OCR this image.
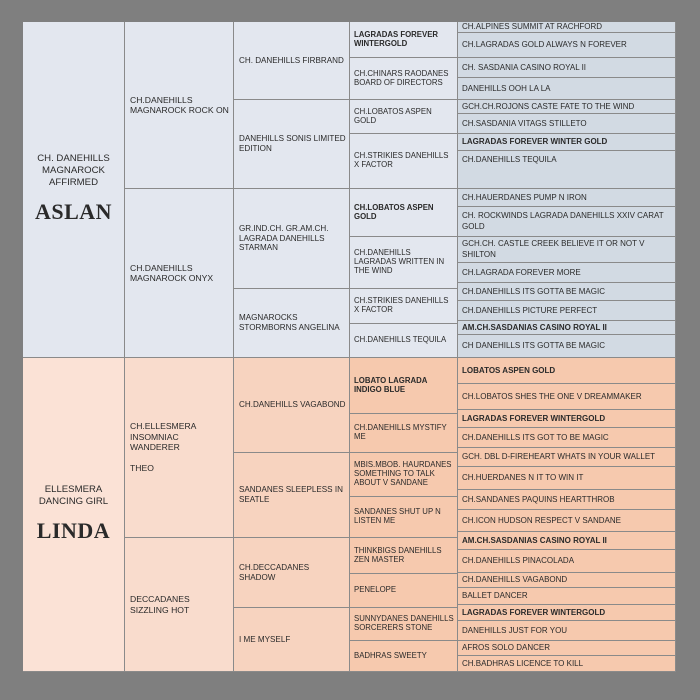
CH. DANEHILLS MAGNAROCK AFFIRMED
ASLAN
ELLESMERA DANCING GIRL
LINDA
CH.DANEHILLS MAGNAROCK ROCK ON
CH.DANEHILLS MAGNAROCK ONYX
CH.ELLESMERA INSOMNIAC WANDERER
THEO
DECCADANES SIZZLING HOT
CH. DANEHILLS FIRBRAND
DANEHILLS SONIS LIMITED EDITION
GR.IND.CH. GR.AM.CH. LAGRADA DANEHILLS STARMAN
MAGNAROCKS STORMBORNS ANGELINA
CH.DANEHILLS VAGABOND
SANDANES SLEEPLESS IN SEATLE
CH.DECCADANES SHADOW
I ME MYSELF
LAGRADAS FOREVER WINTERGOLD
CH.CHINARS RAODANES BOARD OF DIRECTORS
CH.LOBATOS ASPEN GOLD
CH.STRIKIES DANEHILLS X FACTOR
CH.LOBATOS ASPEN GOLD
CH.DANEHILLS LAGRADAS WRITTEN IN THE WIND
CH.STRIKIES DANEHILLS X FACTOR
CH.DANEHILLS TEQUILA
LOBATO LAGRADA INDIGO BLUE
CH.DANEHILLS MYSTIFY ME
MBIS.MBOB. HAURDANES SOMETHING TO TALK ABOUT V SANDANE
SANDANES SHUT UP N LISTEN ME
THINKBIGS DANEHILLS ZEN MASTER
PENELOPE
SUNNYDANES DANEHILLS SORCERERS STONE
BADHRAS SWEETY
CH.ALPINES SUMMIT AT RACHFORD
CH.LAGRADAS GOLD ALWAYS N FOREVER
CH. SASDANIA CASINO ROYAL II
DANEHILLS OOH LA LA
GCH.CH.ROJONS CASTE FATE TO THE WIND
CH.SASDANIA VITAGS STILLETO
LAGRADAS FOREVER WINTER GOLD
CH.DANEHILLS TEQUILA
CH.HAUERDANES PUMP N IRON
CH. ROCKWINDS LAGRADA DANEHILLS XXIV CARAT GOLD
GCH.CH. CASTLE CREEK BELIEVE IT OR NOT V SHILTON
CH.LAGRADA FOREVER MORE
CH.DANEHILLS ITS GOTTA BE MAGIC
CH.DANEHILLS PICTURE PERFECT
AM.CH.SASDANIAS CASINO ROYAL II
CH DANEHILLS ITS GOTTA BE MAGIC
LOBATOS ASPEN GOLD
CH.LOBATOS SHES THE ONE V DREAMMAKER
LAGRADAS FOREVER WINTERGOLD
CH.DANEHILLS ITS GOT TO BE MAGIC
GCH. DBL D-FIREHEART WHATS IN YOUR WALLET
CH.HUERDANES N IT TO WIN IT
CH.SANDANES PAQUINS HEARTTHROB
CH.ICON HUDSON RESPECT V SANDANE
AM.CH.SASDANIAS CASINO ROYAL II
CH.DANEHILLS PINACOLADA
CH.DANEHILLS VAGABOND
BALLET DANCER
LAGRADAS FOREVER WINTERGOLD
DANEHILLS JUST FOR YOU
AFROS SOLO DANCER
CH.BADHRAS LICENCE TO KILL
